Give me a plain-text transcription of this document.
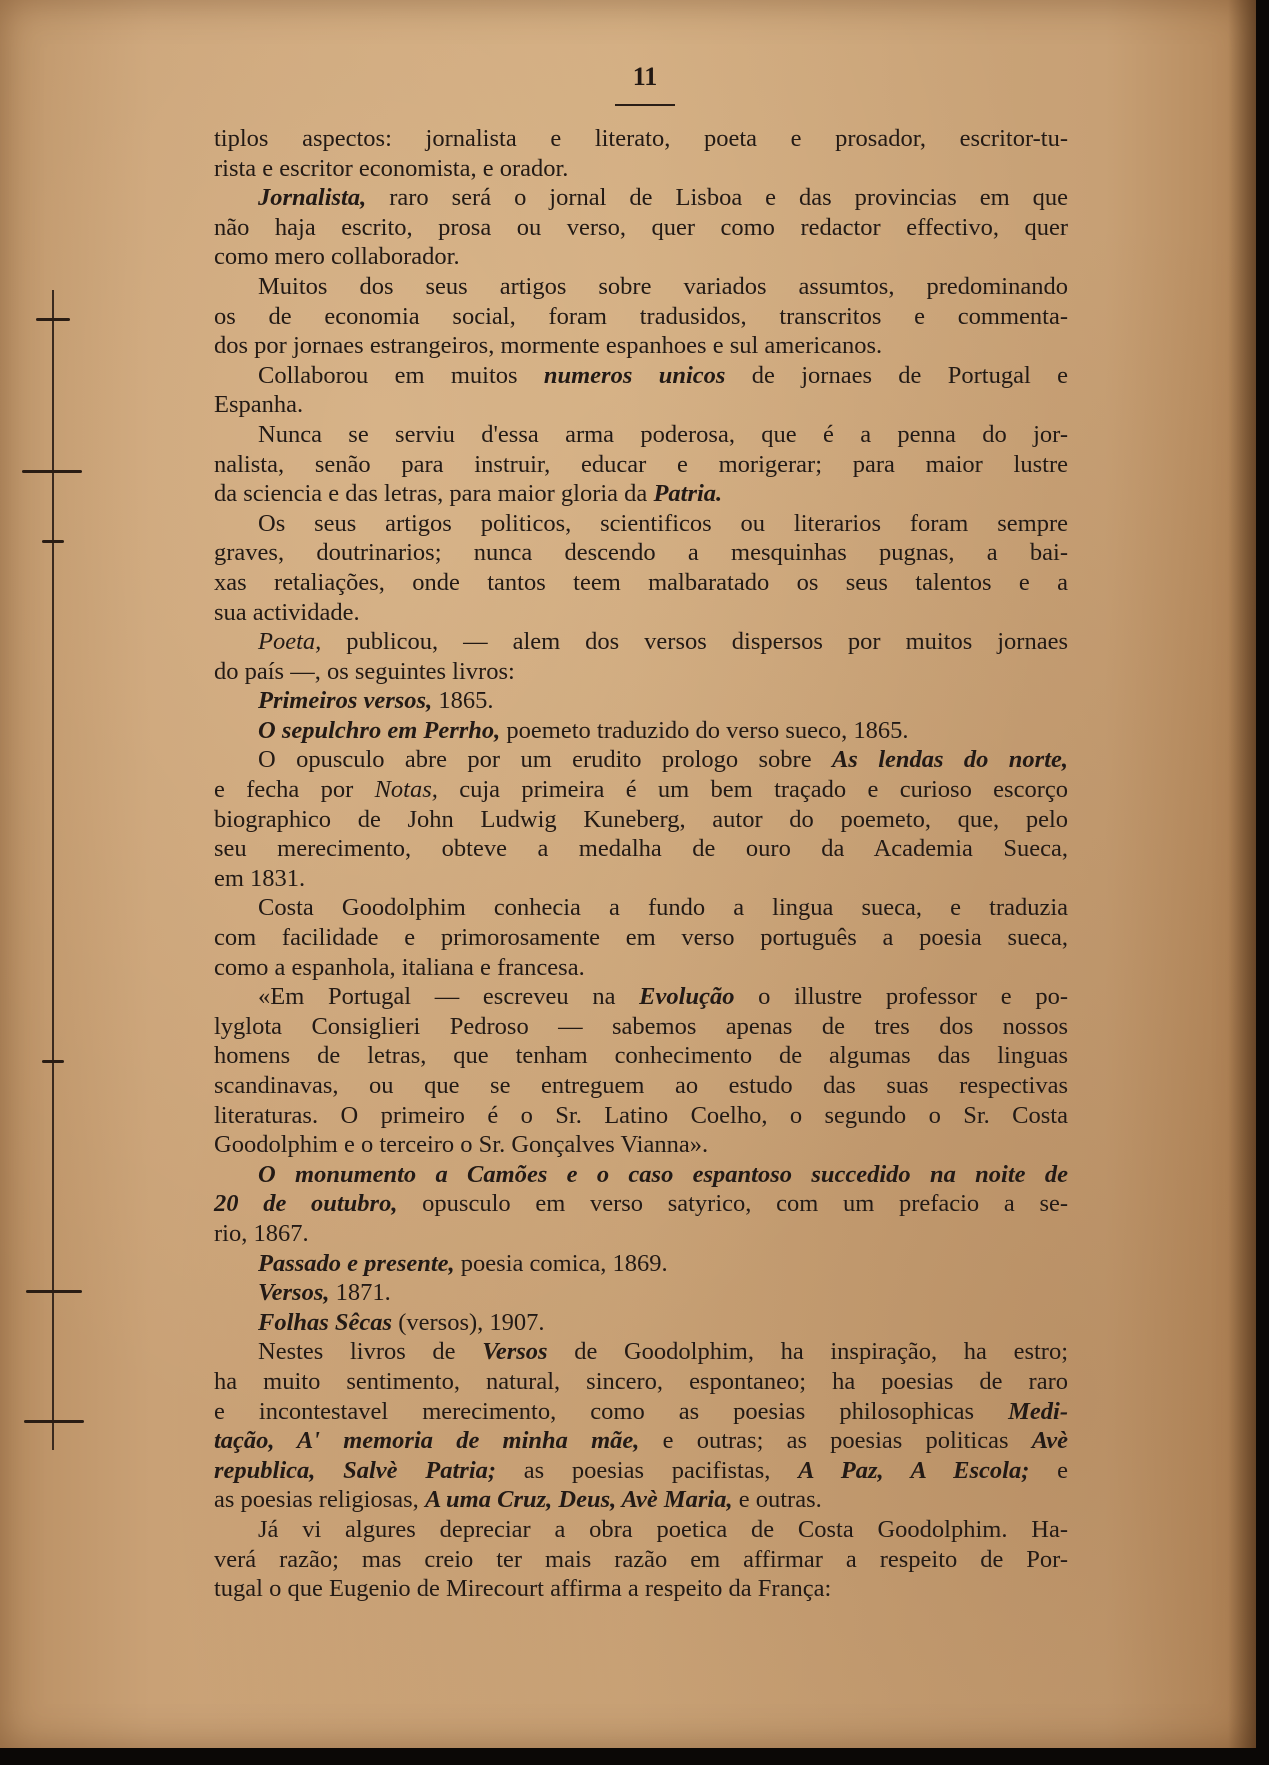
11
tiplos aspectos: jornalista e literato, poeta e prosador, escritor-tu-
rista e escritor economista, e orador.
Jornalista, raro será o jornal de Lisboa e das provincias em que
não haja escrito, prosa ou verso, quer como redactor effectivo, quer
como mero collaborador.
Muitos dos seus artigos sobre variados assumtos, predominando
os de economia social, foram tradusidos, transcritos e commenta-
dos por jornaes estrangeiros, mormente espanhoes e sul americanos.
Collaborou em muitos numeros unicos de jornaes de Portugal e
Espanha.
Nunca se serviu d'essa arma poderosa, que é a penna do jor-
nalista, senão para instruir, educar e morigerar; para maior lustre
da sciencia e das letras, para maior gloria da Patria.
Os seus artigos politicos, scientificos ou literarios foram sempre
graves, doutrinarios; nunca descendo a mesquinhas pugnas, a bai-
xas retaliações, onde tantos teem malbaratado os seus talentos e a
sua actividade.
Poeta, publicou, — alem dos versos dispersos por muitos jornaes
do país —, os seguintes livros:
Primeiros versos, 1865.
O sepulchro em Perrho, poemeto traduzido do verso sueco, 1865.
O opusculo abre por um erudito prologo sobre As lendas do norte,
e fecha por Notas, cuja primeira é um bem traçado e curioso escorço
biographico de John Ludwig Kuneberg, autor do poemeto, que, pelo
seu merecimento, obteve a medalha de ouro da Academia Sueca,
em 1831.
Costa Goodolphim conhecia a fundo a lingua sueca, e traduzia
com facilidade e primorosamente em verso português a poesia sueca,
como a espanhola, italiana e francesa.
«Em Portugal — escreveu na Evolução o illustre professor e po-
lyglota Consiglieri Pedroso — sabemos apenas de tres dos nossos
homens de letras, que tenham conhecimento de algumas das linguas
scandinavas, ou que se entreguem ao estudo das suas respectivas
literaturas. O primeiro é o Sr. Latino Coelho, o segundo o Sr. Costa
Goodolphim e o terceiro o Sr. Gonçalves Vianna».
O monumento a Camões e o caso espantoso succedido na noite de
20 de outubro, opusculo em verso satyrico, com um prefacio a se-
rio, 1867.
Passado e presente, poesia comica, 1869.
Versos, 1871.
Folhas Sêcas (versos), 1907.
Nestes livros de Versos de Goodolphim, ha inspiração, ha estro;
ha muito sentimento, natural, sincero, espontaneo; ha poesias de raro
e incontestavel merecimento, como as poesias philosophicas Medi-
tação, A' memoria de minha mãe, e outras; as poesias politicas Avè
republica, Salvè Patria; as poesias pacifistas, A Paz, A Escola; e
as poesias religiosas, A uma Cruz, Deus, Avè Maria, e outras.
Já vi algures depreciar a obra poetica de Costa Goodolphim. Ha-
verá razão; mas creio ter mais razão em affirmar a respeito de Por-
tugal o que Eugenio de Mirecourt affirma a respeito da França:
